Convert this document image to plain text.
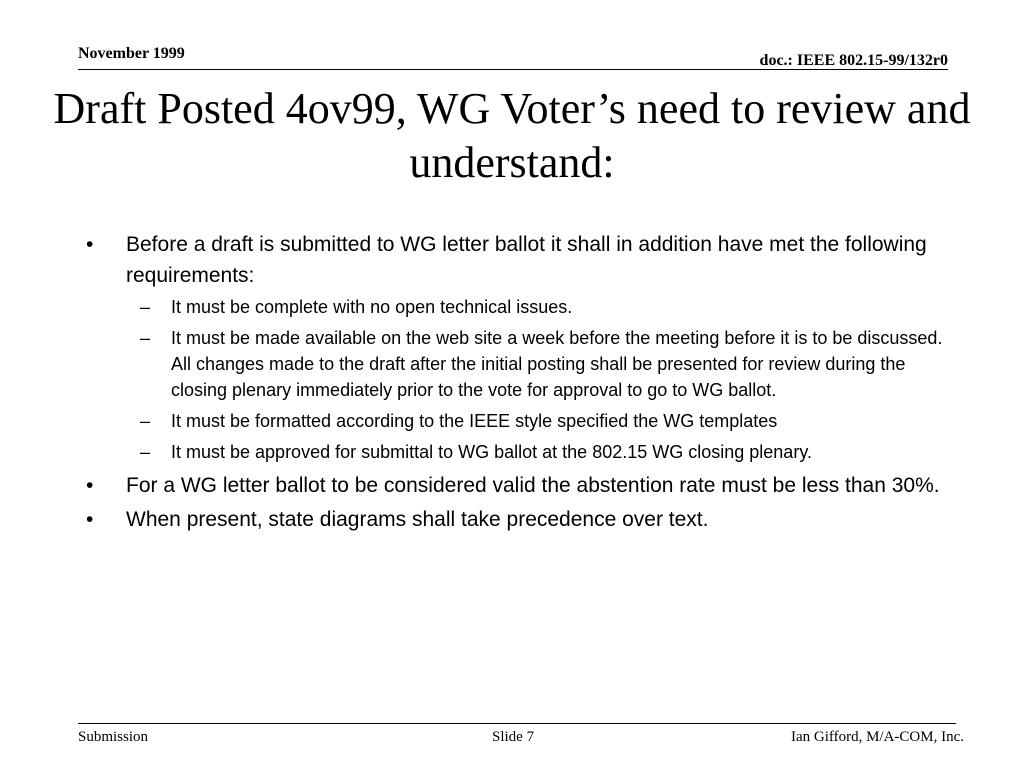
November 1999	doc.: IEEE 802.15-99/132r0
Draft Posted 4ov99, WG Voter’s need to review and understand:
• Before a draft is submitted to WG letter ballot it shall in addition have met the following requirements:
– It must be complete with no open technical issues.
– It must be made available on the web site a week before the meeting before it is to be discussed. All changes made to the draft after the initial posting shall be presented for review during the closing plenary immediately prior to the vote for approval to go to WG ballot.
– It must be formatted according to the IEEE style specified the WG templates
– It must be approved for submittal to WG ballot at the 802.15 WG closing plenary.
• For a WG letter ballot to be considered valid the abstention rate must be less than 30%.
• When present, state diagrams shall take precedence over text.
Submission	Slide 7	Ian Gifford, M/A-COM, Inc.
